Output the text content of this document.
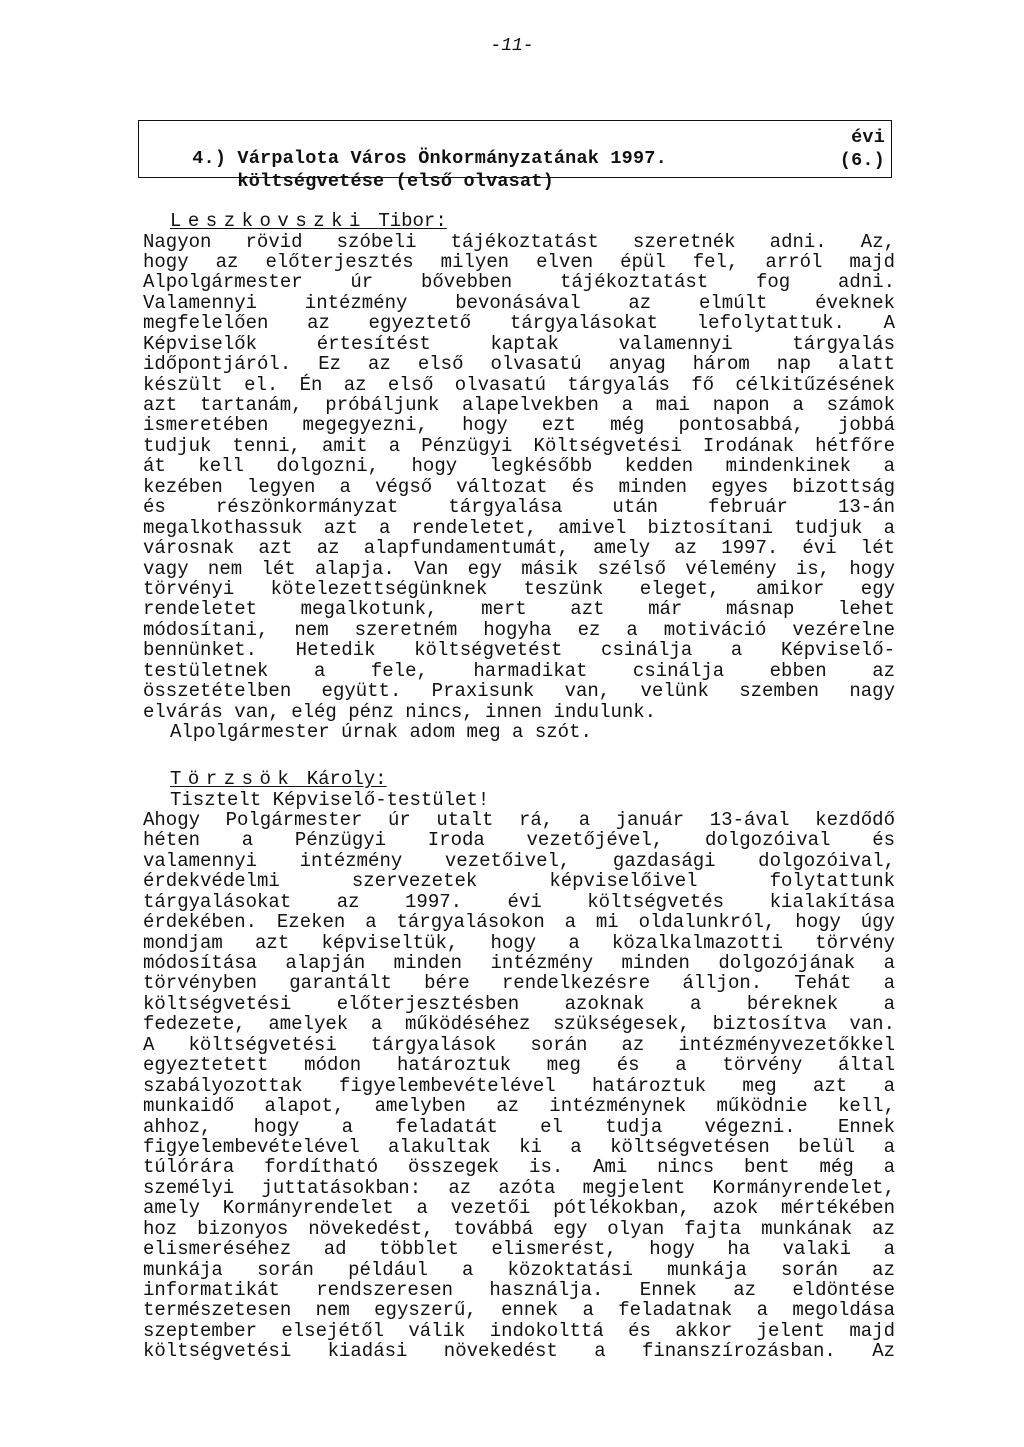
-11-

4.) Várpalota Város Önkormányzatának 1997.

évi

költségvetése (első olvasat)

(6.)

Leszkovszki Tibor:
Nagyon rövid szóbeli tájékoztatást szeretnék adni. Az,
hogy az előterjesztés milyen elven épül fel, arról majd
Alpolgármester úr bővebben tájékoztatást fog adni.
Valamennyi intézmény bevonásával az elmúlt éveknek
megfelelően az egyeztető tárgyalásokat lefolytattuk. A
Képviselők értesítést kaptak valamennyi tárgyalás
időpontjáról. Ez az első olvasatú anyag három nap alatt
készült el. Én az első olvasatú tárgyalás fő célkitűzésének
azt tartanám, próbáljunk alapelvekben a mai napon a számok
ismeretében megegyezni, hogy ezt még pontosabbá, jobbá
tudjuk tenni, amit a Pénzügyi Költségvetési Irodának hétfőre
át kell dolgozni, hogy legkésőbb kedden mindenkinek a
kezében legyen a végső változat és minden egyes bizottság
és részönkormányzat tárgyalása után február 13-án
megalkothassuk azt a rendeletet, amivel biztosítani tudjuk a
városnak azt az alapfundamentumát, amely az 1997. évi lét
vagy nem lét alapja. Van egy másik szélső vélemény is, hogy
törvényi kötelezettségünknek teszünk eleget, amikor egy
rendeletet megalkotunk, mert azt már másnap lehet
módosítani, nem szeretném hogyha ez a motiváció vezérelne
bennünket. Hetedik költségvetést csinálja a Képviselő-
testületnek a fele, harmadikat csinálja ebben az
összetételben együtt. Praxisunk van, velünk szemben nagy
elvárás van, elég pénz nincs, innen indulunk.
Alpolgármester úrnak adom meg a szót.
Törzsök Károly:
Tisztelt Képviselő-testület!
Ahogy Polgármester úr utalt rá, a január 13-ával kezdődő
héten a Pénzügyi Iroda vezetőjével, dolgozóival és
valamennyi intézmény vezetőivel, gazdasági dolgozóival,
érdekvédelmi szervezetek képviselőivel folytattunk
tárgyalásokat az 1997. évi költségvetés kialakítása
érdekében. Ezeken a tárgyalásokon a mi oldalunkról, hogy úgy
mondjam azt képviseltük, hogy a közalkalmazotti törvény
módosítása alapján minden intézmény minden dolgozójának a
törvényben garantált bére rendelkezésre álljon. Tehát a
költségvetési előterjesztésben azoknak a béreknek a
fedezete, amelyek a működéséhez szükségesek, biztosítva van.
A költségvetési tárgyalások során az intézményvezetőkkel
egyeztetett módon határoztuk meg és a törvény által
szabályozottak figyelembevételével határoztuk meg azt a
munkaidő alapot, amelyben az intézménynek működnie kell,
ahhoz, hogy a feladatát el tudja végezni. Ennek
figyelembevételével alakultak ki a költségvetésen belül a
túlórára fordítható összegek is. Ami nincs bent még a
személyi juttatásokban: az azóta megjelent Kormányrendelet,
amely Kormányrendelet a vezetői pótlékokban, azok mértékében
hoz bizonyos növekedést, továbbá egy olyan fajta munkának az
elismeréséhez ad többlet elismerést, hogy ha valaki a
munkája során például a közoktatási munkája során az
informatikát rendszeresen használja. Ennek az eldöntése
természetesen nem egyszerű, ennek a feladatnak a megoldása
szeptember elsejétől válik indokolttá és akkor jelent majd
költségvetési kiadási növekedést a finanszírozásban. Az
